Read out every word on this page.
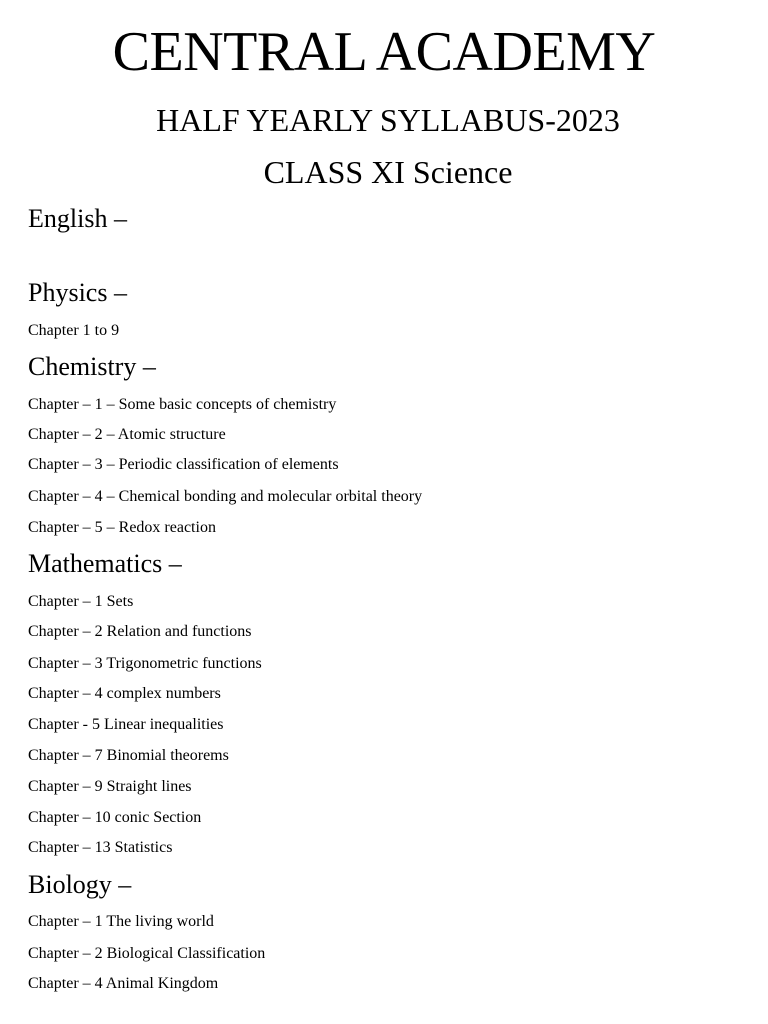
CENTRAL ACADEMY
HALF YEARLY SYLLABUS-2023
CLASS XI Science
English –
Physics –
Chapter 1 to 9
Chemistry –
Chapter – 1 – Some basic concepts of chemistry
Chapter – 2 – Atomic structure
Chapter – 3 – Periodic classification of elements
Chapter – 4 – Chemical bonding and molecular orbital theory
Chapter – 5 – Redox reaction
Mathematics –
Chapter – 1 Sets
Chapter – 2 Relation and functions
Chapter – 3 Trigonometric functions
Chapter – 4 complex numbers
Chapter - 5 Linear inequalities
Chapter – 7 Binomial theorems
Chapter – 9 Straight lines
Chapter – 10 conic Section
Chapter – 13 Statistics
Biology –
Chapter – 1 The living world
Chapter – 2 Biological Classification
Chapter – 4 Animal Kingdom
